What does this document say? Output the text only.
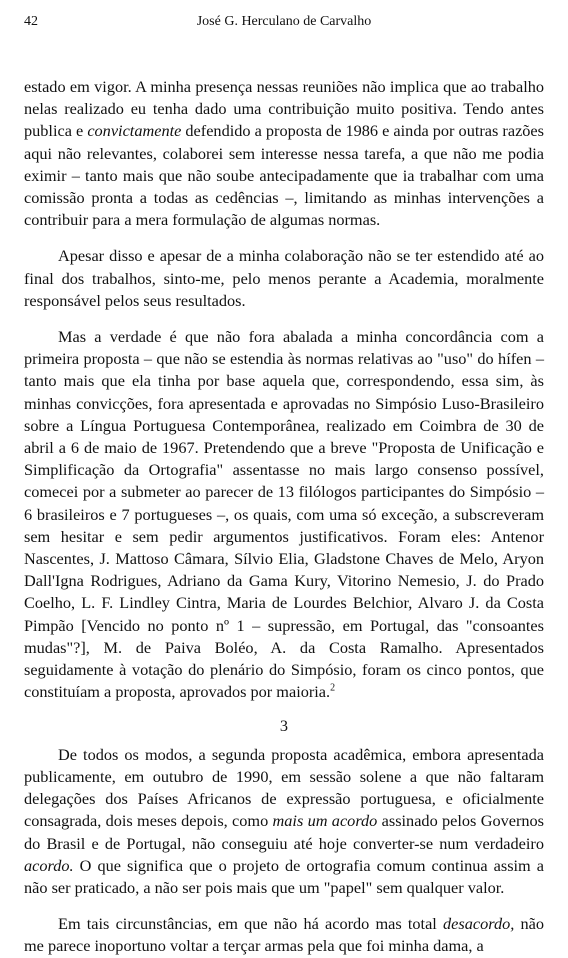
42	José G. Herculano de Carvalho

estado em vigor. A minha presença nessas reuniões não implica que ao trabalho nelas realizado eu tenha dado uma contribuição muito positiva. Tendo antes publica e convictamente defendido a proposta de 1986 e ainda por outras razões aqui não relevantes, colaborei sem interesse nessa tarefa, a que não me podia eximir – tanto mais que não soube antecipadamente que ia trabalhar com uma comissão pronta a todas as cedências –, limitando as minhas intervenções a contribuir para a mera formulação de algumas normas.

Apesar disso e apesar de a minha colaboração não se ter estendido até ao final dos trabalhos, sinto-me, pelo menos perante a Academia, moralmente responsável pelos seus resultados.

Mas a verdade é que não fora abalada a minha concordância com a primeira proposta – que não se estendia às normas relativas ao "uso" do hífen – tanto mais que ela tinha por base aquela que, correspondendo, essa sim, às minhas convicções, fora apresentada e aprovadas no Simpósio Luso-Brasileiro sobre a Língua Portuguesa Contemporânea, realizado em Coimbra de 30 de abril a 6 de maio de 1967. Pretendendo que a breve "Proposta de Unificação e Simplificação da Ortografia" assentasse no mais largo consenso possível, comecei por a submeter ao parecer de 13 filólogos participantes do Simpósio – 6 brasileiros e 7 portugueses –, os quais, com uma só exceção, a subscreveram sem hesitar e sem pedir argumentos justificativos. Foram eles: Antenor Nascentes, J. Mattoso Câmara, Sílvio Elia, Gladstone Chaves de Melo, Aryon Dall'Igna Rodrigues, Adriano da Gama Kury, Vitorino Nemesio, J. do Prado Coelho, L. F. Lindley Cintra, Maria de Lourdes Belchior, Alvaro J. da Costa Pimpão [Vencido no ponto nº 1 – supressão, em Portugal, das "consoantes mudas"?], M. de Paiva Boléo, A. da Costa Ramalho. Apresentados seguidamente à votação do plenário do Simpósio, foram os cinco pontos, que constituíam a proposta, aprovados por maioria.$^2$

3

De todos os modos, a segunda proposta acadêmica, embora apresentada publicamente, em outubro de 1990, em sessão solene a que não faltaram delegações dos Países Africanos de expressão portuguesa, e oficialmente consagrada, dois meses depois, como mais um acordo assinado pelos Governos do Brasil e de Portugal, não conseguiu até hoje converter-se num verdadeiro acordo. O que significa que o projeto de ortografia comum continua assim a não ser praticado, a não ser pois mais que um "papel" sem qualquer valor.

Em tais circunstâncias, em que não há acordo mas total desacordo, não me parece inoportuno voltar a terçar armas pela que foi minha dama, a
